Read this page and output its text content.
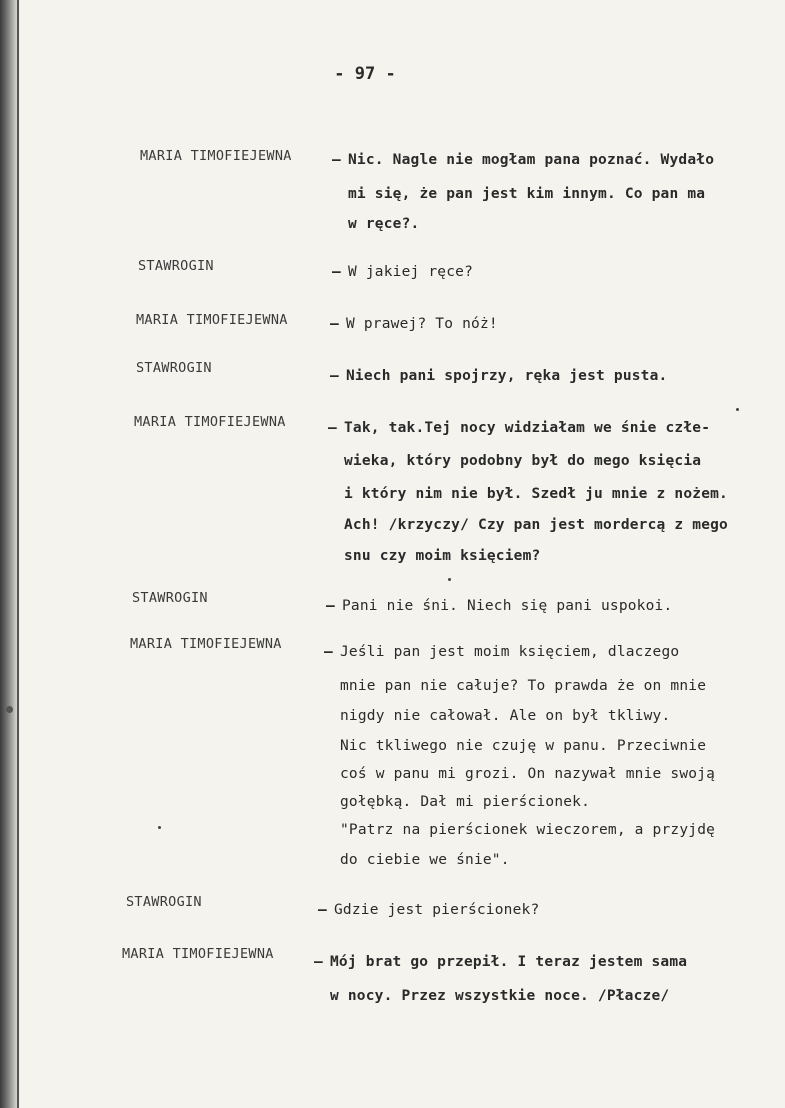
- 97 -
MARIA TIMOFIEJEWNA	– Nic. Nagle nie mogłam pana poznać. Wydało
mi się, że pan jest kim innym. Co pan ma
w ręce?.
STAWROGIN	– W jakiej ręce?
MARIA TIMOFIEJEWNA	– W prawej? To nóż!
STAWROGIN	– Niech pani spojrzy, ręka jest pusta.
MARIA TIMOFIEJEWNA	– Tak, tak.Tej nocy widziałam we śnie człe-
wieka, który podobny był do mego księcia
i który nim nie był. Szedł ju mnie z nożem.
Ach! /krzyczy/ Czy pan jest mordercą z mego
snu czy moim księciem?
STAWROGIN	– Pani nie śni. Niech się pani uspokoi.
MARIA TIMOFIEJEWNA	– Jeśli pan jest moim księciem, dlaczego
mnie pan nie całuje? To prawda że on mnie
nigdy nie całował. Ale on był tkliwy.
Nic tkliwego nie czuję w panu. Przeciwnie
coś w panu mi grozi. On nazywał mnie swoją
gołębką. Dał mi pierścionek.
"Patrz na pierścionek wieczorem, a przyjdę
do ciebie we śnie".
STAWROGIN	– Gdzie jest pierścionek?
MARIA TIMOFIEJEWNA	– Mój brat go przepił. I teraz jestem sama
w nocy. Przez wszystkie noce. /Płacze/
